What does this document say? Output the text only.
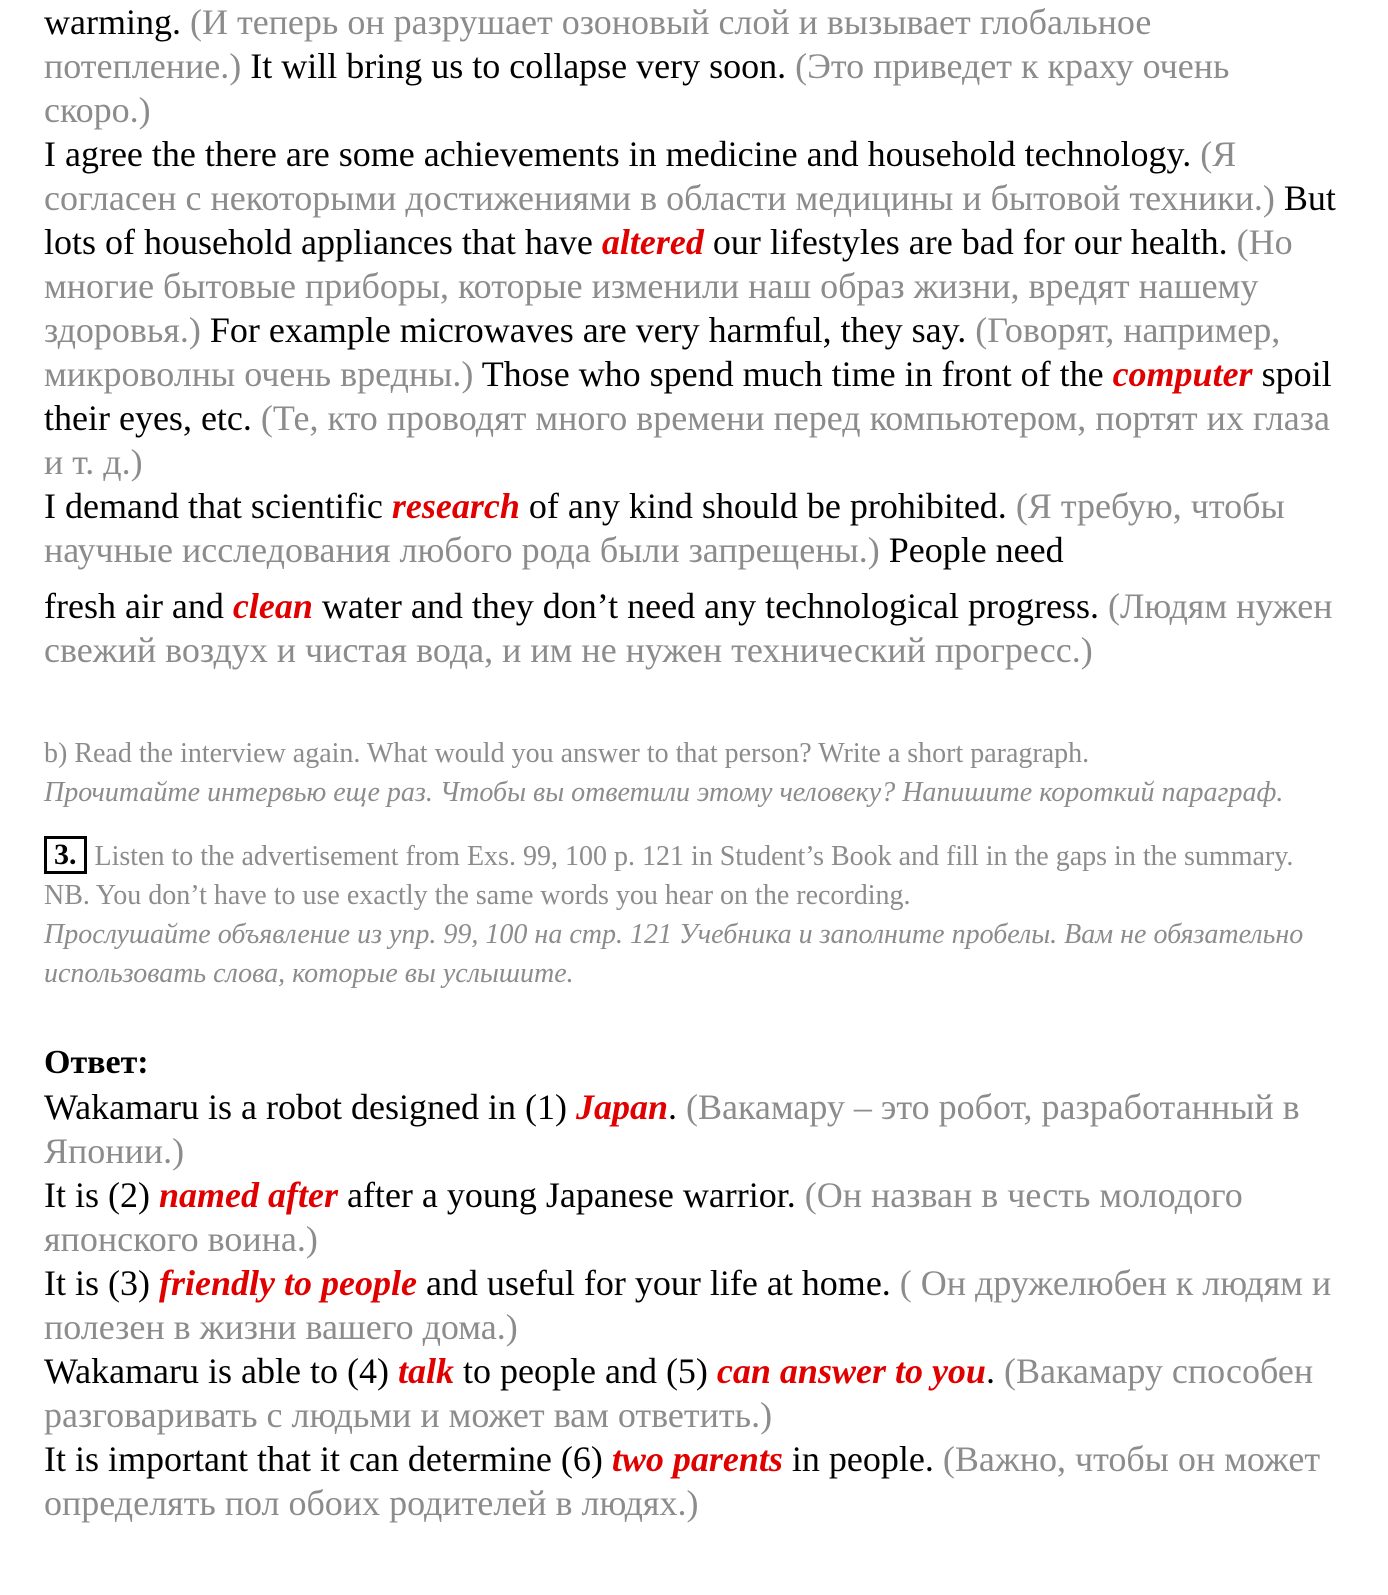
warming. (И теперь он разрушает озоновый слой и вызывает глобальное потепление.) It will bring us to collapse very soon. (Это приведет к краху очень скоро.)

I agree the there are some achievements in medicine and household technology. (Я согласен с некоторыми достижениями в области медицины и бытовой техники.) But lots of household appliances that have altered our lifestyles are bad for our health. (Но многие бытовые приборы, которые изменили наш образ жизни, вредят нашему здоровья.) For example microwaves are very harmful, they say. (Говорят, например, микроволны очень вредны.) Those who spend much time in front of the computer spoil their eyes, etc. (Те, кто проводят много времени перед компьютером, портят их глаза и т. д.)

I demand that scientific research of any kind should be prohibited. (Я требую, чтобы научные исследования любого рода были запрещены.) People need

fresh air and clean water and they don’t need any technological progress. (Людям нужен свежий воздух и чистая вода, и им не нужен технический прогресс.)

b) Read the interview again. What would you answer to that person? Write a short paragraph.
Прочитайте интервью еще раз. Чтобы вы ответили этому человеку? Напишите короткий параграф.

3. Listen to the advertisement from Exs. 99, 100 p. 121 in Student’s Book and fill in the gaps in the summary. NB. You don’t have to use exactly the same words you hear on the recording.
Прослушайте объявление из упр. 99, 100 на стр. 121 Учебника и заполните пробелы. Вам не обязательно использовать слова, которые вы услышите.

Ответ:

Wakamaru is a robot designed in (1) Japan. (Вакамару – это робот, разработанный в Японии.)

It is (2) named after after a young Japanese warrior. (Он назван в честь молодого японского воина.)

It is (3) friendly to people and useful for your life at home. ( Он дружелюбен к людям и полезен в жизни вашего дома.)

Wakamaru is able to (4) talk to people and (5) can answer to you. (Вакамару способен разговаривать с людьми и может вам ответить.)

It is important that it can determine (6) two parents in people. (Важно, чтобы он может определять пол обоих родителей в людях.)
